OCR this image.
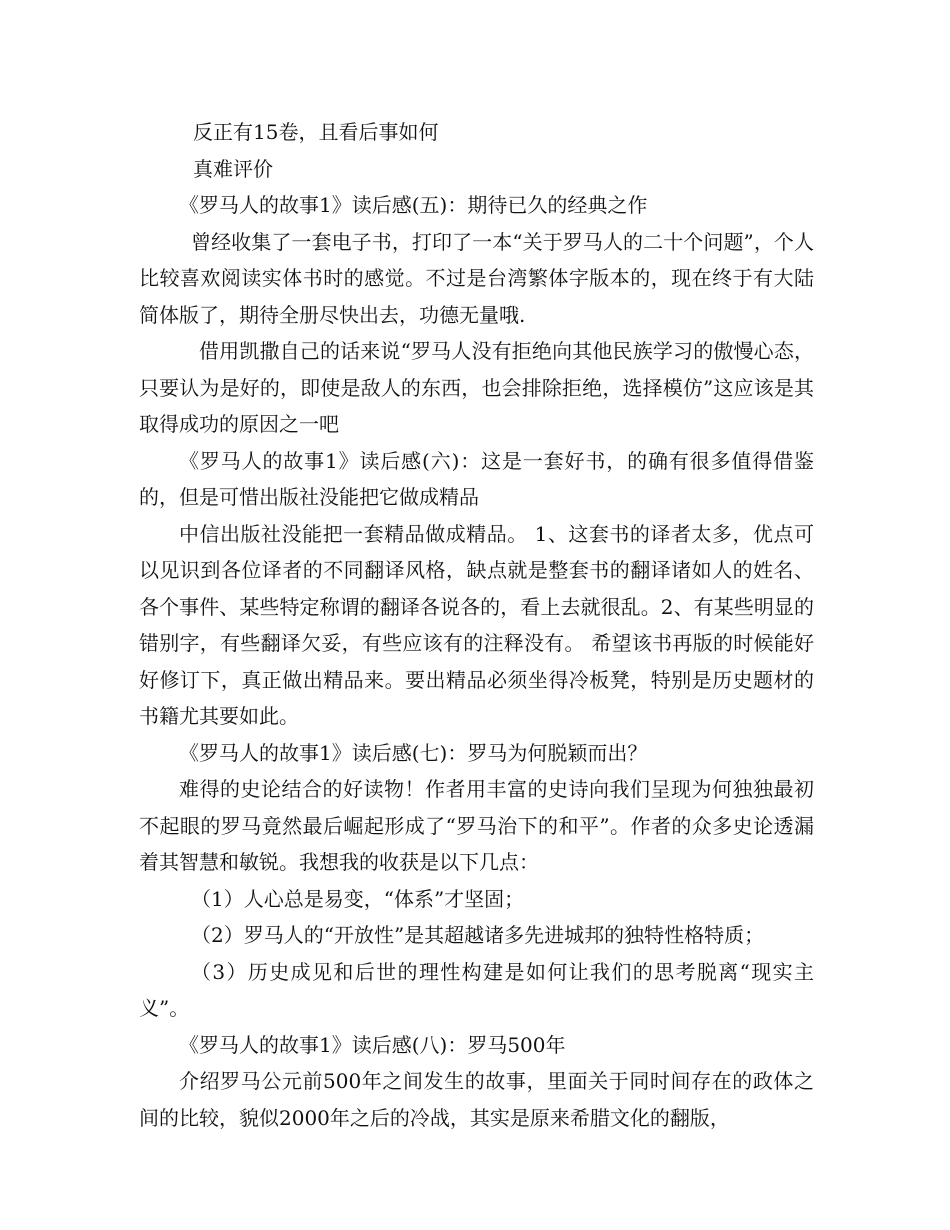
反正有15卷，且看后事如何

真难评价

《罗马人的故事1》读后感(五)：期待已久的经典之作

曾经收集了一套电子书，打印了一本“关于罗马人的二十个问题”，个人比较喜欢阅读实体书时的感觉。不过是台湾繁体字版本的，现在终于有大陆简体版了，期待全册尽快出去，功德无量哦.

借用凯撒自己的话来说“罗马人没有拒绝向其他民族学习的傲慢心态，只要认为是好的，即使是敌人的东西，也会排除拒绝，选择模仿”这应该是其取得成功的原因之一吧

《罗马人的故事1》读后感(六)：这是一套好书，的确有很多值得借鉴的，但是可惜出版社没能把它做成精品

中信出版社没能把一套精品做成精品。 1、这套书的译者太多，优点可以见识到各位译者的不同翻译风格，缺点就是整套书的翻译诸如人的姓名、各个事件、某些特定称谓的翻译各说各的，看上去就很乱。2、有某些明显的错别字，有些翻译欠妥，有些应该有的注释没有。 希望该书再版的时候能好好修订下，真正做出精品来。要出精品必须坐得冷板凳，特别是历史题材的书籍尤其要如此。

《罗马人的故事1》读后感(七)：罗马为何脱颖而出？

难得的史论结合的好读物！作者用丰富的史诗向我们呈现为何独独最初不起眼的罗马竟然最后崛起形成了“罗马治下的和平”。作者的众多史论透漏着其智慧和敏锐。我想我的收获是以下几点：

（1）人心总是易变，“体系”才坚固；

（2）罗马人的“开放性”是其超越诸多先进城邦的独特性格特质；

（3）历史成见和后世的理性构建是如何让我们的思考脱离“现实主义”。

《罗马人的故事1》读后感(八)：罗马500年

介绍罗马公元前500年之间发生的故事，里面关于同时间存在的政体之间的比较，貌似2000年之后的冷战，其实是原来希腊文化的翻版，
